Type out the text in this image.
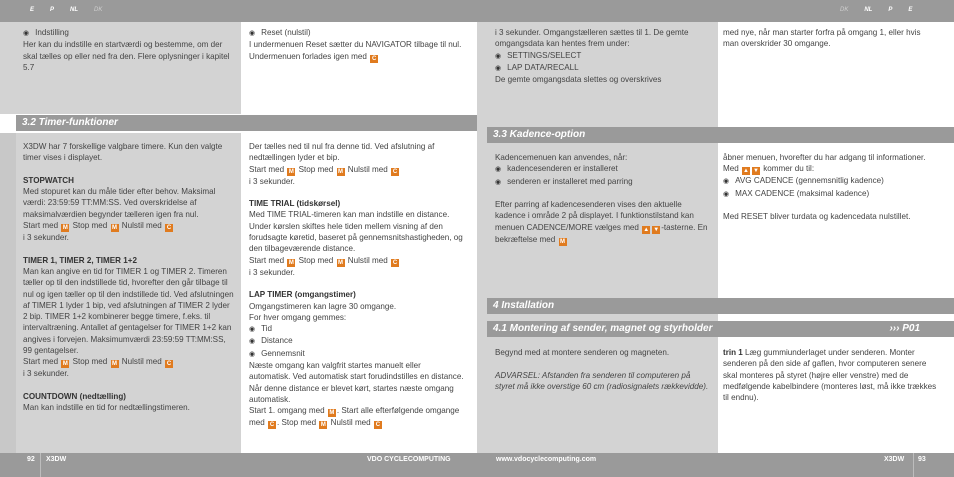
E	P	NL	DK	DK	NL	P	E
◉ Indstilling
Her kan du indstille en startværdi og bestemme, om der skal tælles op eller ned fra den. Flere oplysninger i kapitel 5.7
◉ Reset (nulstil)
I undermenuen Reset sætter du NAVIGATOR tilbage til nul. Undermenuen forlades igen med C
3.2 Timer-funktioner

X3DW har 7 forskellige valgbare timere. Kun den valgte timer vises i displayet.

STOPWATCH
Med stopuret kan du måle tider efter behov. Maksimal værdi: 23:59:59 TT:MM:SS. Ved overskridelse af maksimalværdien begynder tælleren igen fra nul.
Start med M Stop med M Nulstil med C

i 3 sekunder.

TIMER 1, TIMER 2, TIMER 1+2
Man kan angive en tid for TIMER 1 og TIMER 2. Timeren tæller op til den indstillede tid, hvorefter den går tilbage til nul og igen tæller op til den indstillede tid. Ved afslutningen af TIMER 1 lyder 1 bip, ved afslutningen af TIMER 2 lyder 2 bip. TIMER 1+2 kombinerer begge timere, f.eks. til intervaltræning. Antallet af gentagelser for TIMER 1+2 kan angives i forvejen. Maksimumværdi 23:59:59 TT:MM:SS, 99 gentagelser.
Start med M Stop med M Nulstil med C

i 3 sekunder.

COUNTDOWN (nedtælling)
Man kan indstille en tid for nedtællingstimeren.
Der tælles ned til nul fra denne tid. Ved afslutning af nedtællingen lyder et bip.
Start med M Stop med M Nulstil med C

i 3 sekunder.

TIME TRIAL (tidskørsel)
Med TIME TRIAL-timeren kan man indstille en distance. Under kørslen skiftes hele tiden mellem visning af den forudsagte køretid, baseret på gennemsnitshastigheden, og den tilbageværende distance.
Start med M Stop med M Nulstil med C

i 3 sekunder.

LAP TIMER (omgangstimer)
Omgangstimeren kan lagre 30 omgange.
For hver omgang gemmes:
◉ Tid
◉ Distance
◉ Gennemsnit
Næste omgang kan valgfrit startes manuelt eller automatisk. Ved automatisk start forudindstilles en distance. Når denne distance er blevet kørt, startes næste omgang automatisk.
Start 1. omgang med M . Start alle efterfølgende omgange med C . Stop med M Nulstil med C
i 3 sekunder. Omgangstælleren sættes til 1. De gemte omgangsdata kan hentes frem under:
◉ SETTINGS/SELECT
◉ LAP DATA/RECALL
De gemte omgangsdata slettes og overskrives
med nye, når man starter forfra på omgang 1, eller hvis man overskrider 30 omgange.
3.3 Kadence-option
Kadencemenuen kan anvendes, når:
◉ kadencesenderen er installeret

◉ senderen er installeret med parring

Efter parring af kadencesenderen vises den aktuelle kadence i område 2 på displayet. I funktionstilstand kan menuen CADENCE/MORE vælges med ▲ ▼ -tasterne. En bekræftelse med M
åbner menuen, hvorefter du har adgang til informationer. Med ▲ ▼ kommer du til:
◉ AVG CADENCE (gennemsnitlig kadence)

◉ MAX CADENCE (maksimal kadence)

Med RESET bliver turdata og kadencedata nulstillet.
4 Installation
4.1 Montering af sender, magnet og styrholder	››› P01

Begynd med at montere senderen og magneten.

ADVARSEL: Afstanden fra senderen til computeren på styret må ikke overstige 60 cm (radiosignalets rækkevidde).
trin 1 Læg gummiunderlaget under senderen. Monter senderen på den side af gaflen, hvor computeren senere skal monteres på styret (højre eller venstre) med de medfølgende kabelbindere (monteres løst, må ikke trækkes til endnu).
92 X3DW	VDO CYCLECOMPUTING	www.vdocyclecomputing.com	X3DW 93
